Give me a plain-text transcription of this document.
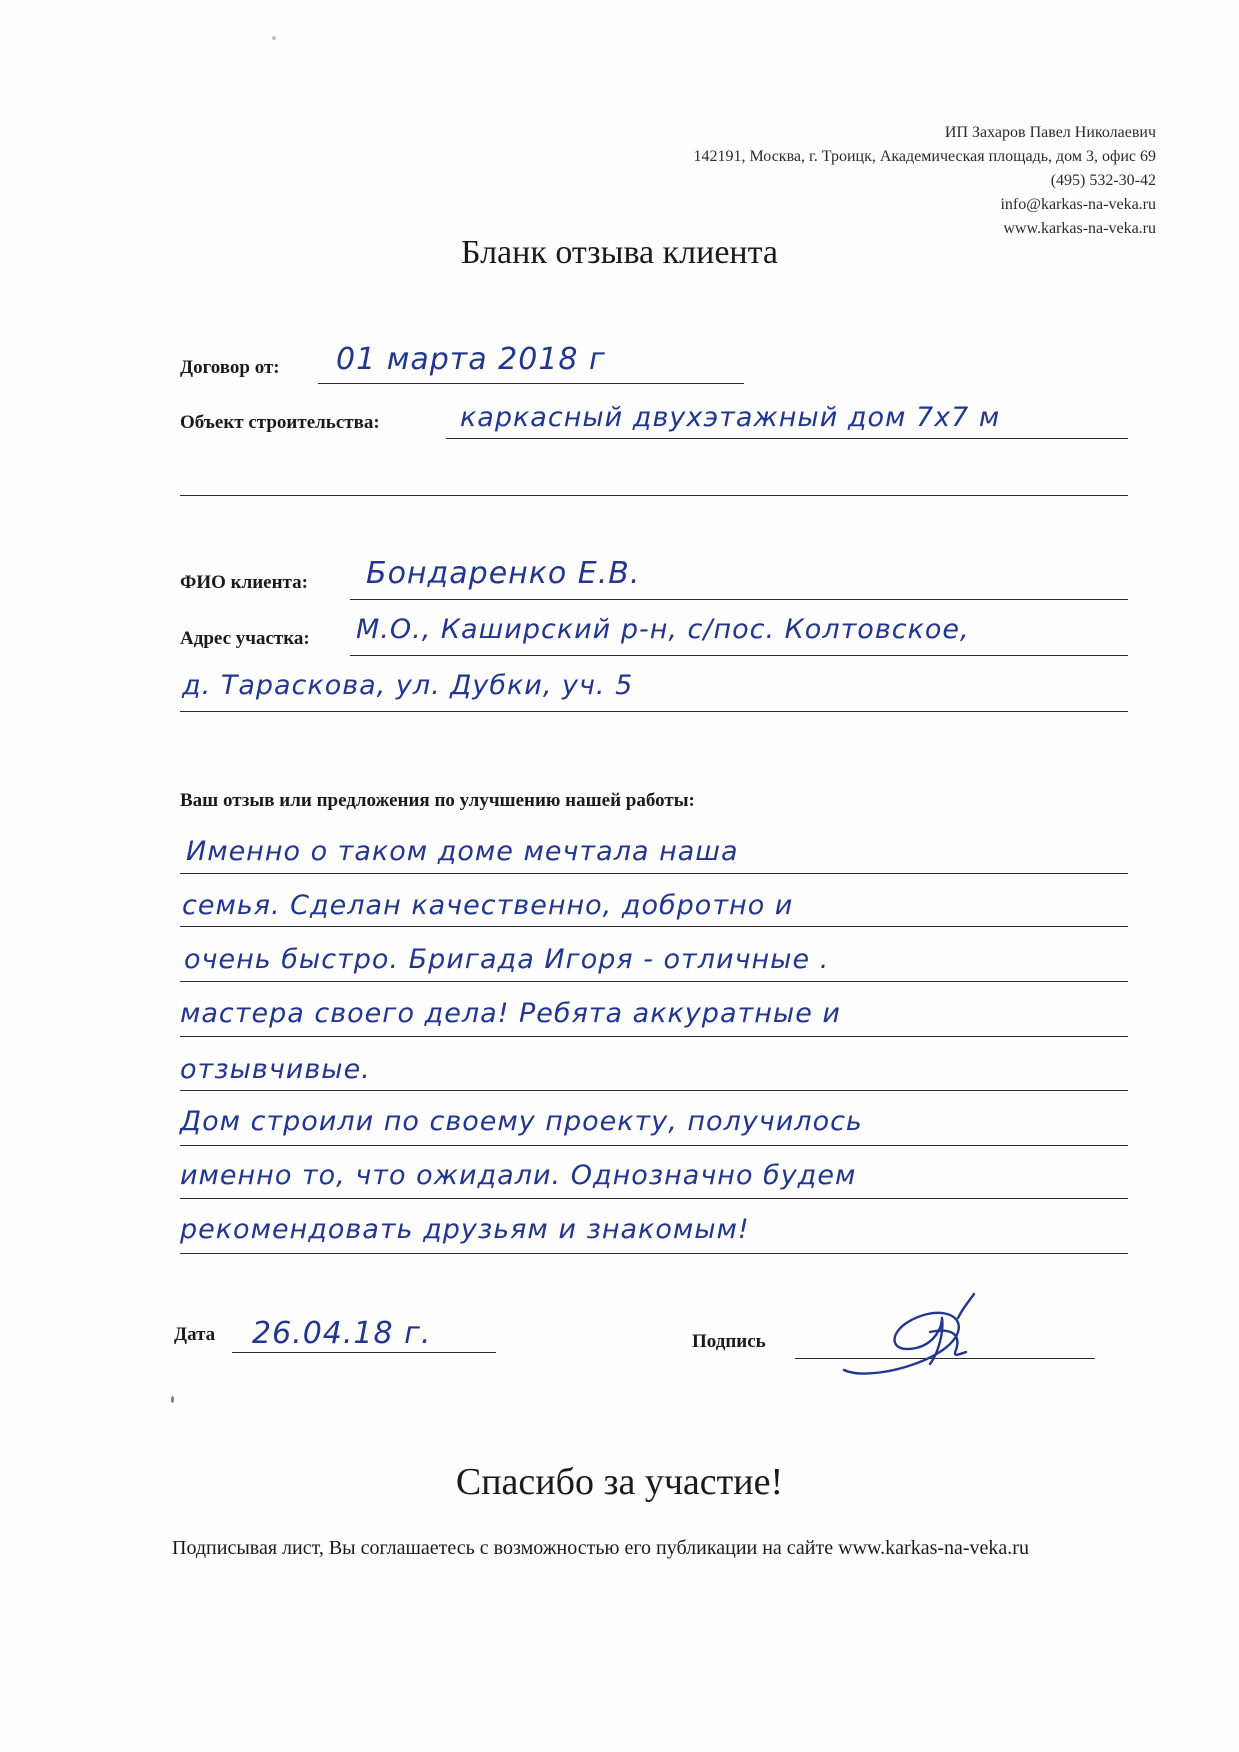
ИП Захаров Павел Николаевич
142191, Москва, г. Троицк, Академическая площадь, дом 3, офис 69
(495) 532-30-42
info@karkas-na-veka.ru
www.karkas-na-veka.ru
Бланк отзыва клиента
Договор от: 01 марта 2018 г
Объект строительства:	каркасный двухэтажный дом 7х7 м
ФИО клиента: Бондаренко Е.В.
Адрес участка: М.О., Каширский р-н, с/пос. Колтовское,
д. Тараскова, ул. Дубки, уч. 5
Ваш отзыв или предложения по улучшению нашей работы:
Именно о таком доме мечтала наша
семья. Сделан качественно, добротно и
очень быстро. Бригада Игоря - отличные .
мастера своего дела! Ребята аккуратные и
отзывчивые.
Дом строили по своему проекту, получилось
именно то, что ожидали. Однозначно будем
рекомендовать друзьям и знакомым!
Дата 26.04.18 г.	Подпись
Спасибо за участие!
Подписывая лист, Вы соглашаетесь с возможностью его публикации на сайте www.karkas-na-veka.ru
